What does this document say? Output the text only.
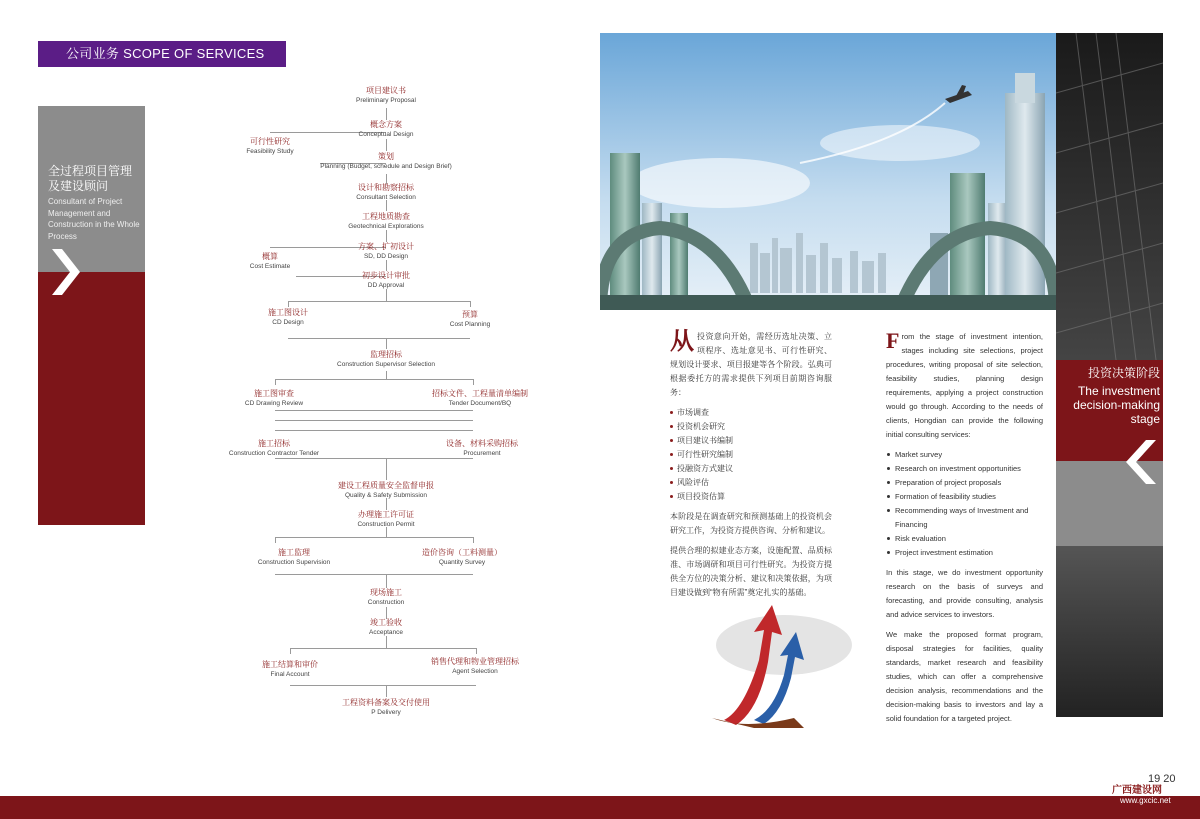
公司业务 SCOPE OF SERVICES
全过程项目管理及建设顾问
Consultant of Project Management and Construction in the Whole Process
项目建议书
Preliminary Proposal
概念方案
Conceptual Design
可行性研究
Feasibility Study
策划
Planning (Budget, schedule and Design Brief)
设计和勘察招标
Consultant Selection
工程地质勘查
Geotechnical Explorations
方案、扩初设计
SD, DD Design
概算
Cost Estimate
初步设计审批
DD Approval
施工图设计
CD Design
预算
Cost Planning
监理招标
Construction Supervisor Selection
施工图审查
CD Drawing Review
招标文件、工程量清单编制
Tender Document/BQ
施工招标
Construction Contractor Tender
设备、材料采购招标
Procurement
建设工程质量安全监督申报
Quality & Safety Submission
办理施工许可证
Construction Permit
施工监理
Construction Supervision
造价咨询（工料测量）
Quantity Survey
现场施工
Construction
竣工验收
Acceptance
施工结算和审价
Final Account
销售代理和物业管理招标
Agent Selection
工程资料备案及交付使用
P Delivery
投资决策阶段
The investment decision-making stage

从投资意向开始，需经历选址决策、立项程序、选址意见书、可行性研究、规划设计要求、项目报建等各个阶段。弘典可根据委托方的需求提供下列项目前期咨询服务：

市场调查
投资机会研究
项目建议书编制
可行性研究编制
投融资方式建议
风险评估
项目投资估算

本阶段是在调查研究和预测基础上的投资机会研究工作，为投资方提供咨询、分析和建议。

提供合理的拟建业态方案，设施配置、品质标准、市场调研和项目可行性研究。为投资方提供全方位的决策分析、建议和决策依据，为项目建设做到“物有所需”奠定扎实的基础。

From the stage of investment intention, stages including site selections, project procedures, writing proposal of site selection, feasibility studies, planning design requirements, applying a project construction would go through. According to the needs of clients, Hongdian can provide the following initial consulting services:

Market survey
Research on investment opportunities
Preparation of project proposals
Formation of feasibility studies
Recommending ways of Investment and Financing
Risk evaluation
Project investment estimation

In this stage, we do investment opportunity research on the basis of surveys and forecasting, and provide consulting, analysis and advice services to investors.

We make the proposed format program, disposal strategies for facilities, quality standards, market research and feasibility studies, which can offer a comprehensive decision analysis, recommendations and the decision-making basis to investors and lay a solid foundation for a targeted project.

19 20
广西建设网
www.gxcic.net
